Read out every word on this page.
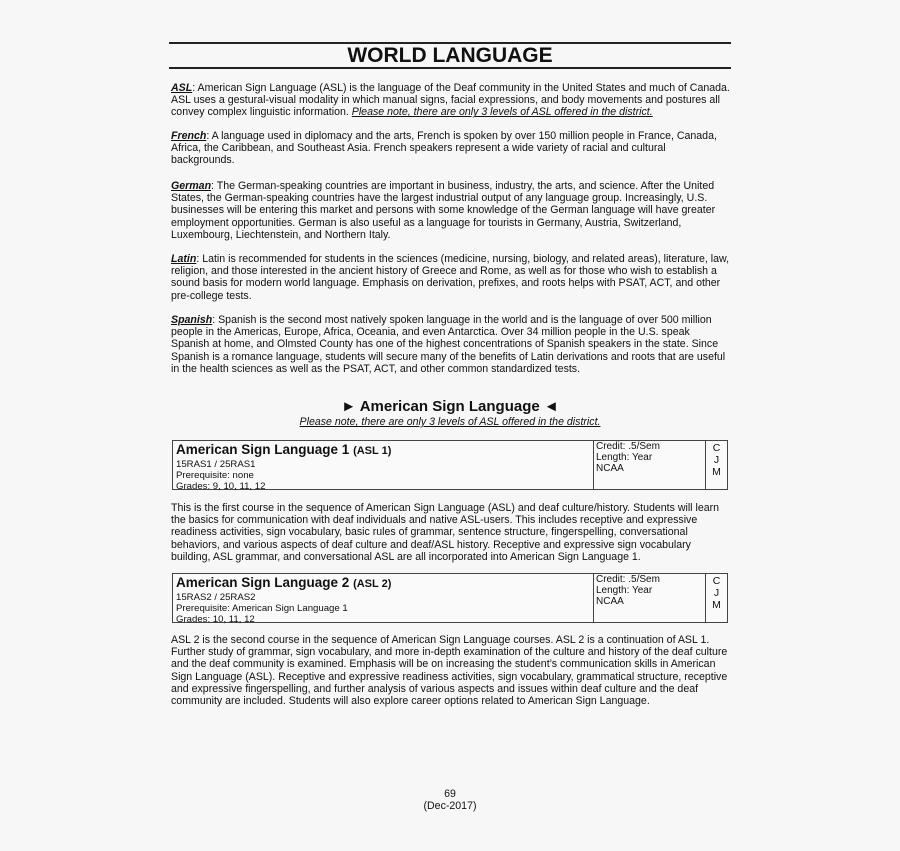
WORLD LANGUAGE

ASL: American Sign Language (ASL) is the language of the Deaf community in the United States and much of Canada. ASL uses a gestural-visual modality in which manual signs, facial expressions, and body movements and postures all convey complex linguistic information. Please note, there are only 3 levels of ASL offered in the district.

French: A language used in diplomacy and the arts, French is spoken by over 150 million people in France, Canada, Africa, the Caribbean, and Southeast Asia. French speakers represent a wide variety of racial and cultural backgrounds.

German: The German-speaking countries are important in business, industry, the arts, and science. After the United States, the German-speaking countries have the largest industrial output of any language group. Increasingly, U.S. businesses will be entering this market and persons with some knowledge of the German language will have greater employment opportunities. German is also useful as a language for tourists in Germany, Austria, Switzerland, Luxembourg, Liechtenstein, and Northern Italy.

Latin: Latin is recommended for students in the sciences (medicine, nursing, biology, and related areas), literature, law, religion, and those interested in the ancient history of Greece and Rome, as well as for those who wish to establish a sound basis for modern world language. Emphasis on derivation, prefixes, and roots helps with PSAT, ACT, and other pre-college tests.

Spanish: Spanish is the second most natively spoken language in the world and is the language of over 500 million people in the Americas, Europe, Africa, Oceania, and even Antarctica. Over 34 million people in the U.S. speak Spanish at home, and Olmsted County has one of the highest concentrations of Spanish speakers in the state. Since Spanish is a romance language, students will secure many of the benefits of Latin derivations and roots that are useful in the health sciences as well as the PSAT, ACT, and other common standardized tests.

► American Sign Language ◄
Please note, there are only 3 levels of ASL offered in the district.
American Sign Language 1 (ASL 1)
15RAS1 / 25RAS1
Prerequisite: none
Grades: 9, 10, 11, 12
Credit: .5/Sem
Length: Year
NCAA
C
J
M

This is the first course in the sequence of American Sign Language (ASL) and deaf culture/history. Students will learn the basics for communication with deaf individuals and native ASL-users. This includes receptive and expressive readiness activities, sign vocabulary, basic rules of grammar, sentence structure, fingerspelling, conversational behaviors, and various aspects of deaf culture and deaf/ASL history. Receptive and expressive sign vocabulary building, ASL grammar, and conversational ASL are all incorporated into American Sign Language 1.

American Sign Language 2 (ASL 2)
15RAS2 / 25RAS2
Prerequisite: American Sign Language 1
Grades: 10, 11, 12
Credit: .5/Sem
Length: Year
NCAA
C
J
M

ASL 2 is the second course in the sequence of American Sign Language courses. ASL 2 is a continuation of ASL 1. Further study of grammar, sign vocabulary, and more in-depth examination of the culture and history of the deaf culture and the deaf community is examined. Emphasis will be on increasing the student’s communication skills in American Sign Language (ASL). Receptive and expressive readiness activities, sign vocabulary, grammatical structure, receptive and expressive fingerspelling, and further analysis of various aspects and issues within deaf culture and the deaf community are included. Students will also explore career options related to American Sign Language.

69
(Dec-2017)
